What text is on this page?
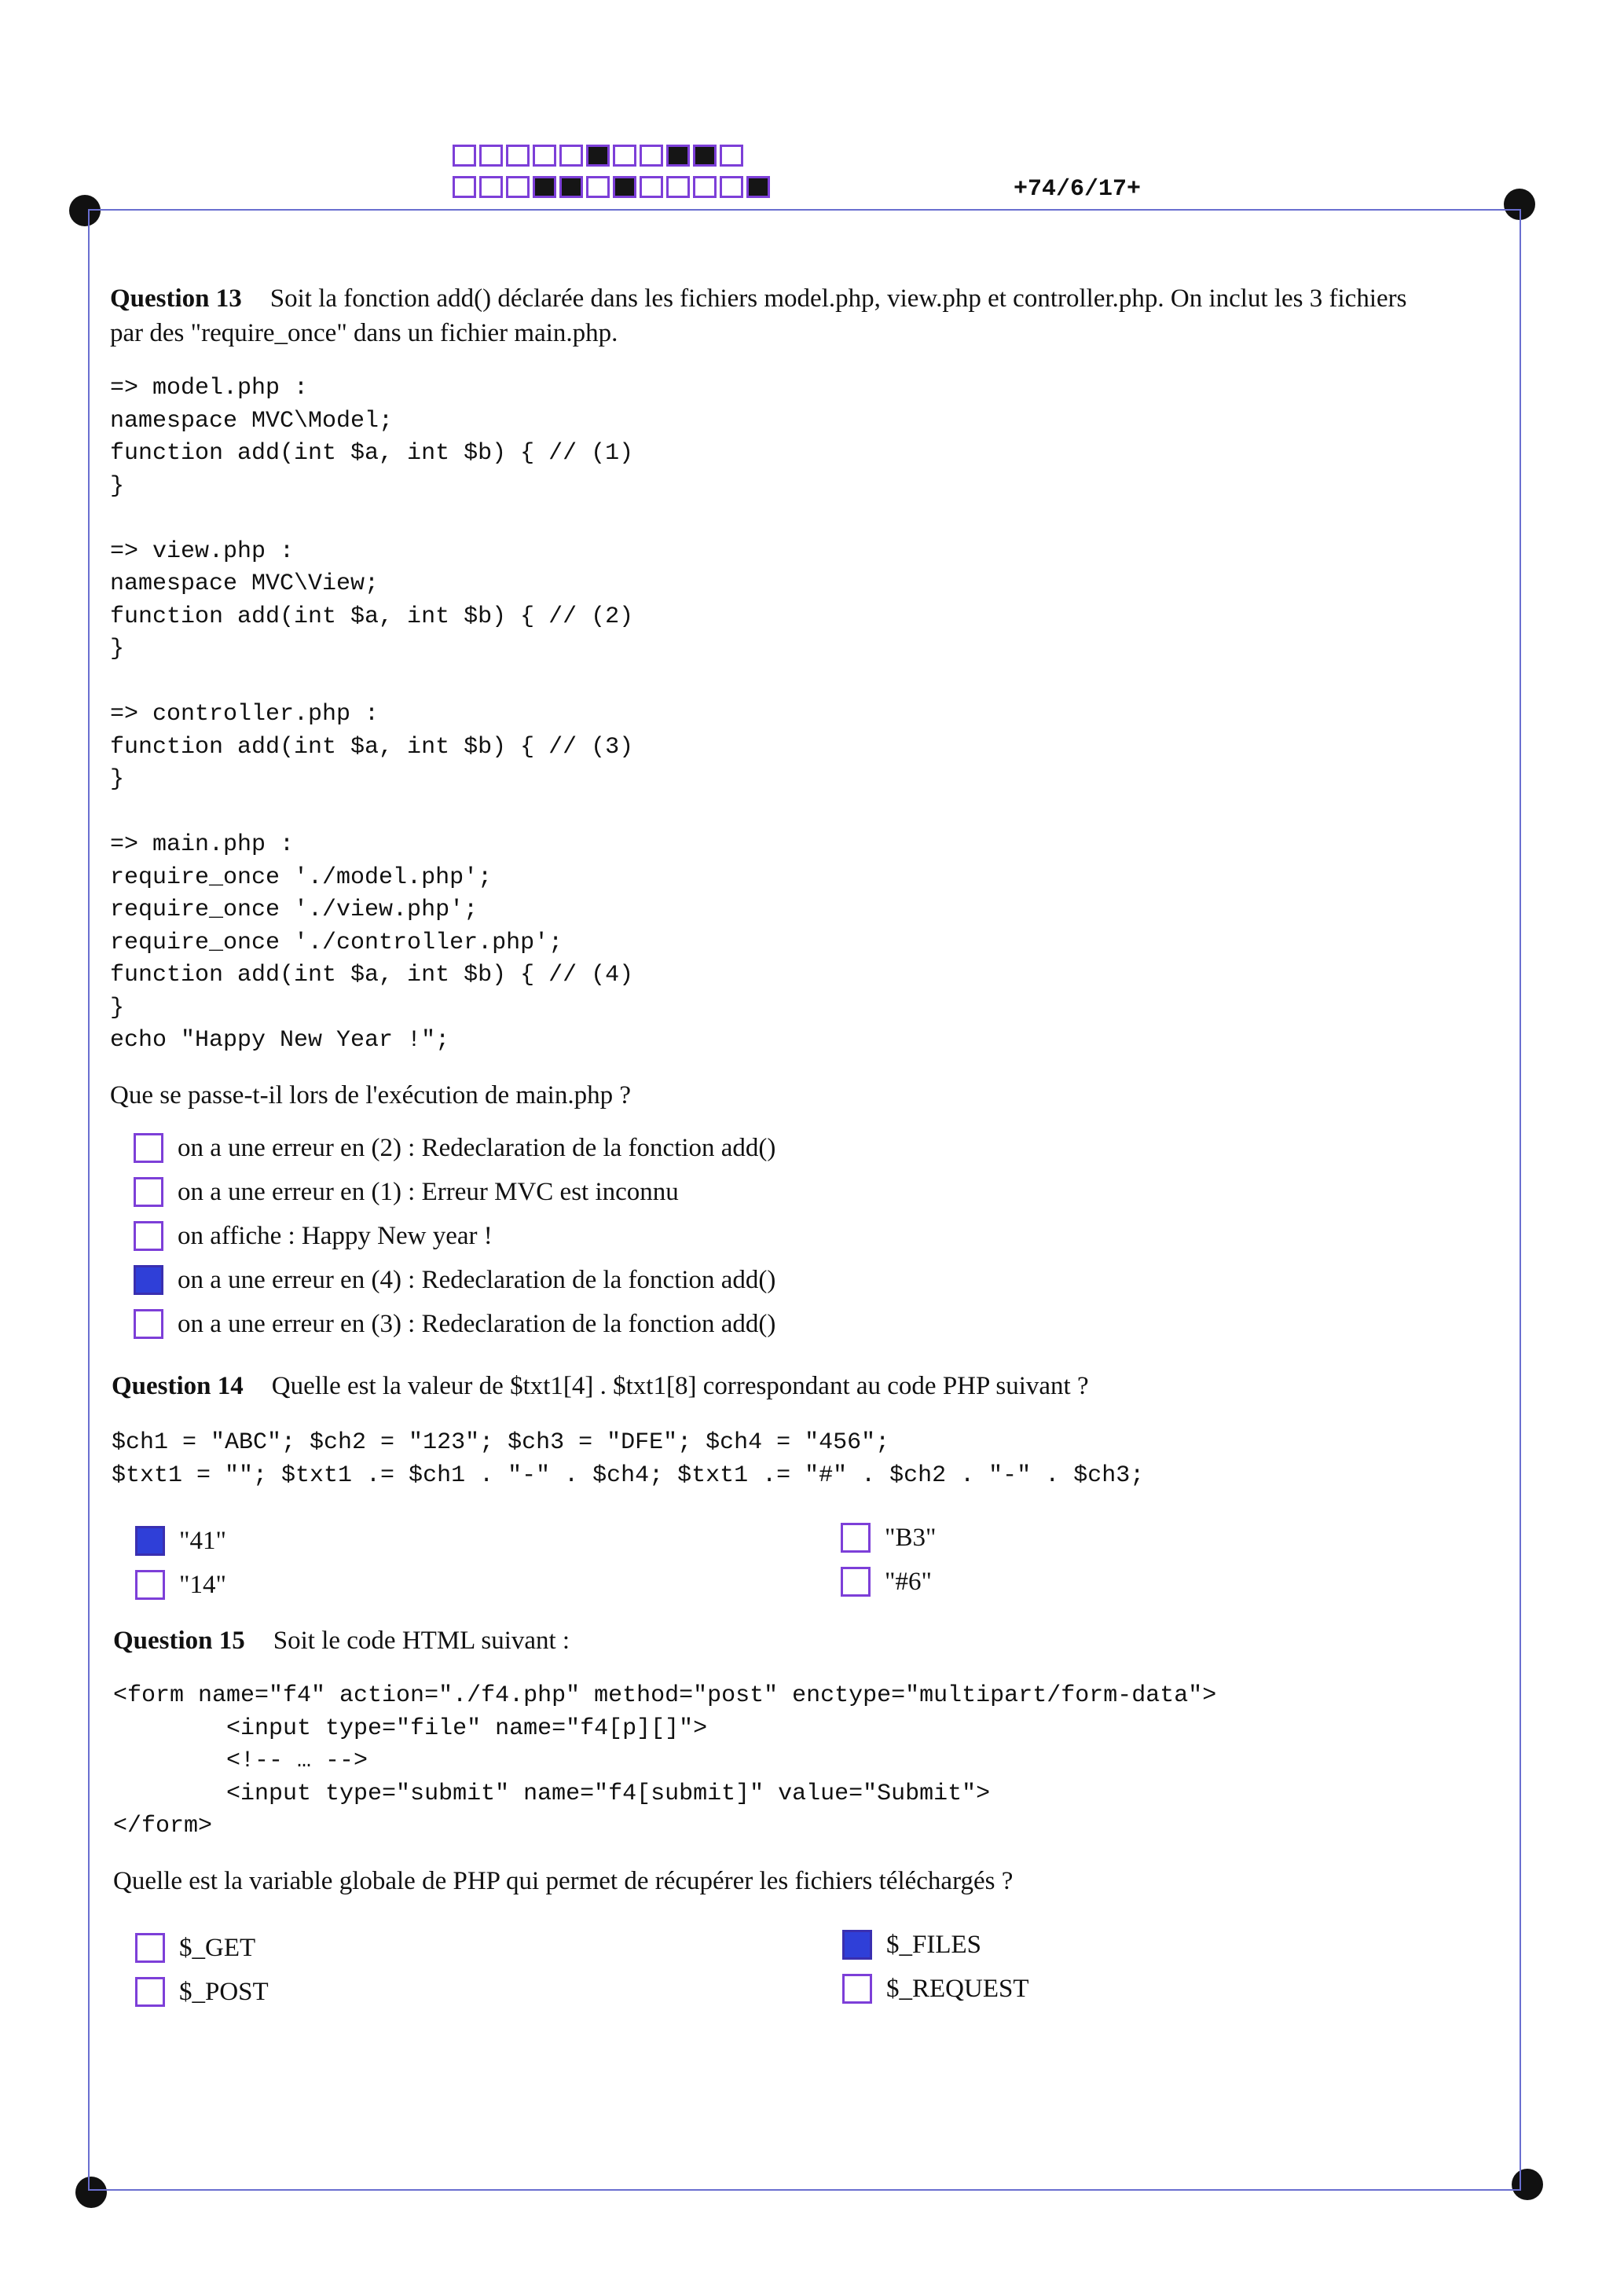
+74/6/17+
Question 13 Soit la fonction add() déclarée dans les fichiers model.php, view.php et controller.php. On inclut les 3 fichiers
par des "require_once" dans un fichier main.php.
=> model.php :
namespace MVC\Model;
function add(int $a, int $b) { // (1)
}

=> view.php :
namespace MVC\View;
function add(int $a, int $b) { // (2)
}

=> controller.php :
function add(int $a, int $b) { // (3)
}

=> main.php :
require_once './model.php';
require_once './view.php';
require_once './controller.php';
function add(int $a, int $b) { // (4)
}
echo "Happy New Year !";
Que se passe-t-il lors de l'exécution de main.php ?
on a une erreur en (2) : Redeclaration de la fonction add()
on a une erreur en (1) : Erreur MVC est inconnu
on affiche : Happy New year !
on a une erreur en (4) : Redeclaration de la fonction add()
on a une erreur en (3) : Redeclaration de la fonction add()
Question 14 Quelle est la valeur de $txt1[4] . $txt1[8] correspondant au code PHP suivant ?
$ch1 = "ABC"; $ch2 = "123"; $ch3 = "DFE"; $ch4 = "456";
$txt1 = ""; $txt1 .= $ch1 . "-" . $ch4; $txt1 .= "#" . $ch2 . "-" . $ch3;
"41"
"14"
"B3"
"#6"
Question 15 Soit le code HTML suivant :
<form name="f4" action="./f4.php" method="post" enctype="multipart/form-data">
<input type="file" name="f4[p][]">
<!-- … -->
<input type="submit" name="f4[submit]" value="Submit">
</form>
Quelle est la variable globale de PHP qui permet de récupérer les fichiers téléchargés ?
$_GET
$_POST
$_FILES
$_REQUEST
